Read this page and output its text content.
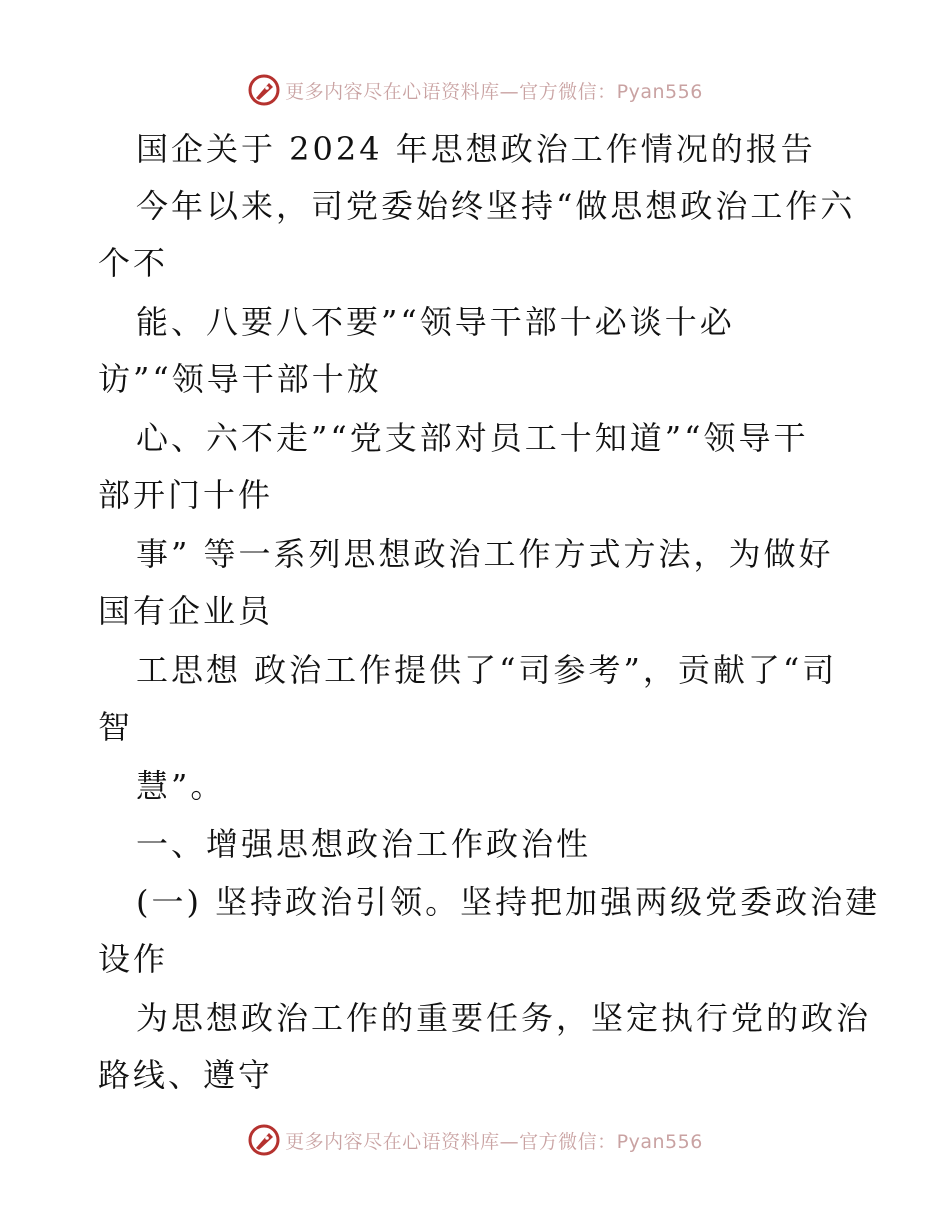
更多内容尽在心语资料库—官方微信：Pyan556
国企关于 2024 年思想政治工作情况的报告
今年以来，司党委始终坚持“做思想政治工作六
个不
能、八要八不要”“领导干部十必谈十必
访”“领导干部十放
心、六不走”“党支部对员工十知道”“领导干
部开门十件
事” 等一系列思想政治工作方式方法，为做好
国有企业员
工思想 政治工作提供了“司参考”，贡献了“司
智
慧”。
一、增强思想政治工作政治性
(一) 坚持政治引领。坚持把加强两级党委政治建
设作
为思想政治工作的重要任务，坚定执行党的政治
路线、遵守
更多内容尽在心语资料库—官方微信：Pyan556
